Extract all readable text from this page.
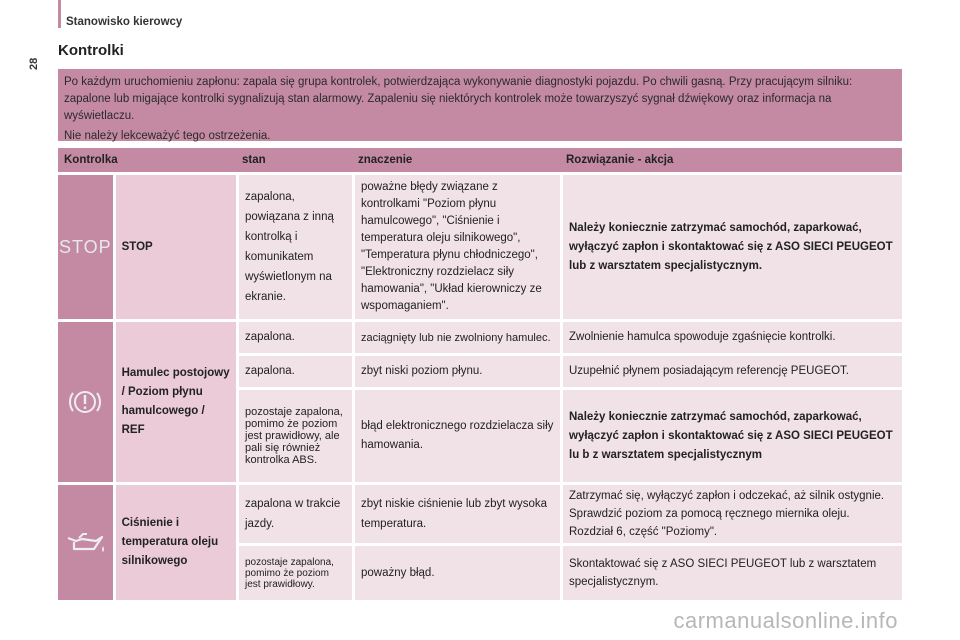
28
Stanowisko kierowcy
Kontrolki

Po każdym uruchomieniu zapłonu: zapala się grupa kontrolek, potwierdzająca wykonywanie diagnostyki pojazdu. Po chwili gasną. Przy pracującym silniku: zapalone lub migające kontrolki sygnalizują stan alarmowy. Zapaleniu się niektórych kontrolek może towarzyszyć sygnał dźwiękowy oraz informacja na wyświetlaczu.

Nie należy lekceważyć tego ostrzeżenia.

Kontrolka		stan	znaczenie	Rozwiązanie - akcja
STOP	STOP	zapalona, powiązana z inną kontrolką i komunikatem wyświetlonym na ekranie.	poważne błędy związane z kontrolkami "Poziom płynu hamulcowego", "Ciśnienie i temperatura oleju silnikowego", "Temperatura płynu chłodniczego", "Elektroniczny rozdzielacz siły hamowania", "Układ kierowniczy ze wspomaganiem".	Należy koniecznie zatrzymać samochód, zaparkować, wyłączyć zapłon i skontaktować się z ASO SIECI PEUGEOT lub z warsztatem specjalistycznym.

	Hamulec postojowy / Poziom płynu hamulcowego / REF	zapalona.	zaciągnięty lub nie zwolniony hamulec.	Zwolnienie hamulca spowoduje zgaśnięcie kontrolki.
		zapalona.	zbyt niski poziom płynu.	Uzupełnić płynem posiadającym referencję PEUGEOT.
		pozostaje zapalona, pomimo że poziom jest prawidłowy, ale pali się również kontrolka ABS.	błąd elektronicznego rozdzielacza siły hamowania.	Należy koniecznie zatrzymać samochód, zaparkować, wyłączyć zapłon i skontaktować się z ASO SIECI PEUGEOT lu b z warsztatem specjalistycznym

	Ciśnienie i temperatura oleju silnikowego	zapalona w trakcie jazdy.	zbyt niskie ciśnienie lub zbyt wysoka temperatura.	Zatrzymać się, wyłączyć zapłon i odczekać, aż silnik ostygnie. Sprawdzić poziom za pomocą ręcznego miernika oleju. Rozdział 6, część "Poziomy".
		pozostaje zapalona, pomimo że poziom jest prawidłowy.	poważny błąd.	Skontaktować się z ASO SIECI PEUGEOT lub z warsztatem specjalistycznym.
carmanualsonline.info
